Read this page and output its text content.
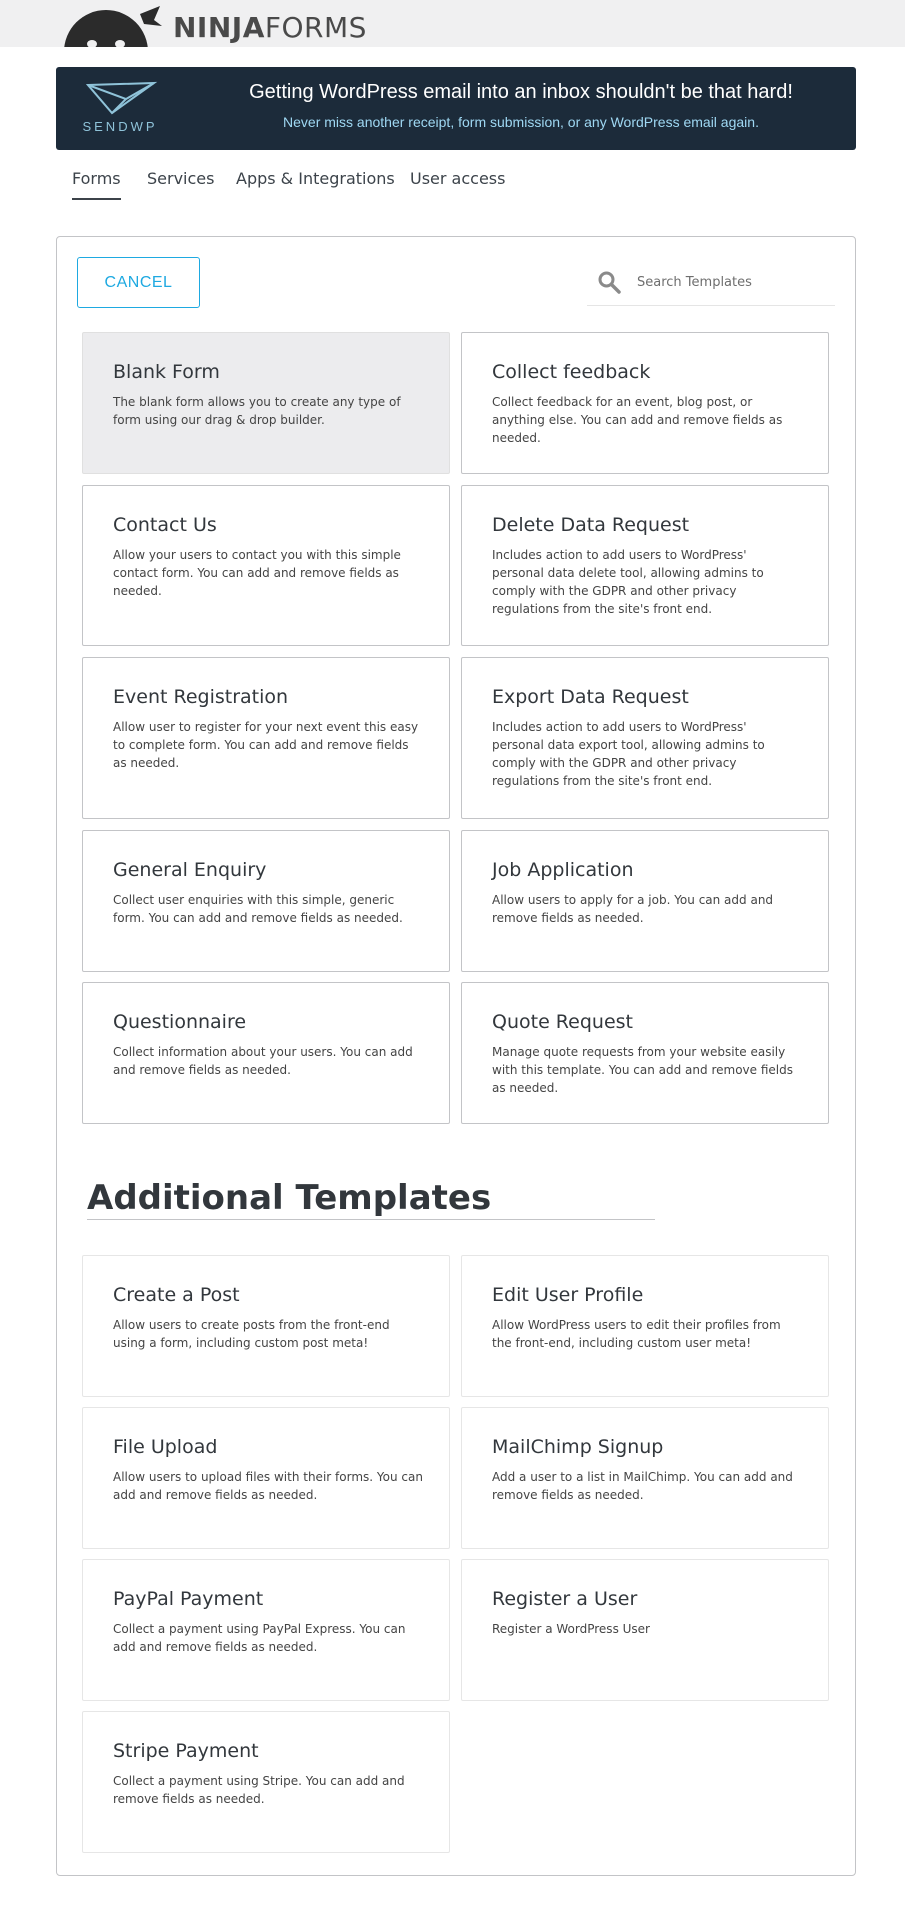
NINJAFORMS
SENDWP
Getting WordPress email into an inbox shouldn't be that hard!
Never miss another receipt, form submission, or any WordPress email again.
Forms Services Apps & Integrations User access
CANCEL
Search Templates
Blank Form
The blank form allows you to create any type of form using our drag & drop builder.
Collect feedback
Collect feedback for an event, blog post, or anything else. You can add and remove fields as needed.
Contact Us
Allow your users to contact you with this simple contact form. You can add and remove fields as needed.
Delete Data Request
Includes action to add users to WordPress' personal data delete tool, allowing admins to comply with the GDPR and other privacy regulations from the site's front end.
Event Registration
Allow user to register for your next event this easy to complete form. You can add and remove fields as needed.
Export Data Request
Includes action to add users to WordPress' personal data export tool, allowing admins to comply with the GDPR and other privacy regulations from the site's front end.
General Enquiry
Collect user enquiries with this simple, generic form. You can add and remove fields as needed.
Job Application
Allow users to apply for a job. You can add and remove fields as needed.
Questionnaire
Collect information about your users. You can add and remove fields as needed.
Quote Request
Manage quote requests from your website easily with this template. You can add and remove fields as needed.
Additional Templates
Create a Post
Allow users to create posts from the front-end using a form, including custom post meta!
Edit User Profile
Allow WordPress users to edit their profiles from the front-end, including custom user meta!
File Upload
Allow users to upload files with their forms. You can add and remove fields as needed.
MailChimp Signup
Add a user to a list in MailChimp. You can add and remove fields as needed.
PayPal Payment
Collect a payment using PayPal Express. You can add and remove fields as needed.
Register a User
Register a WordPress User
Stripe Payment
Collect a payment using Stripe. You can add and remove fields as needed.
